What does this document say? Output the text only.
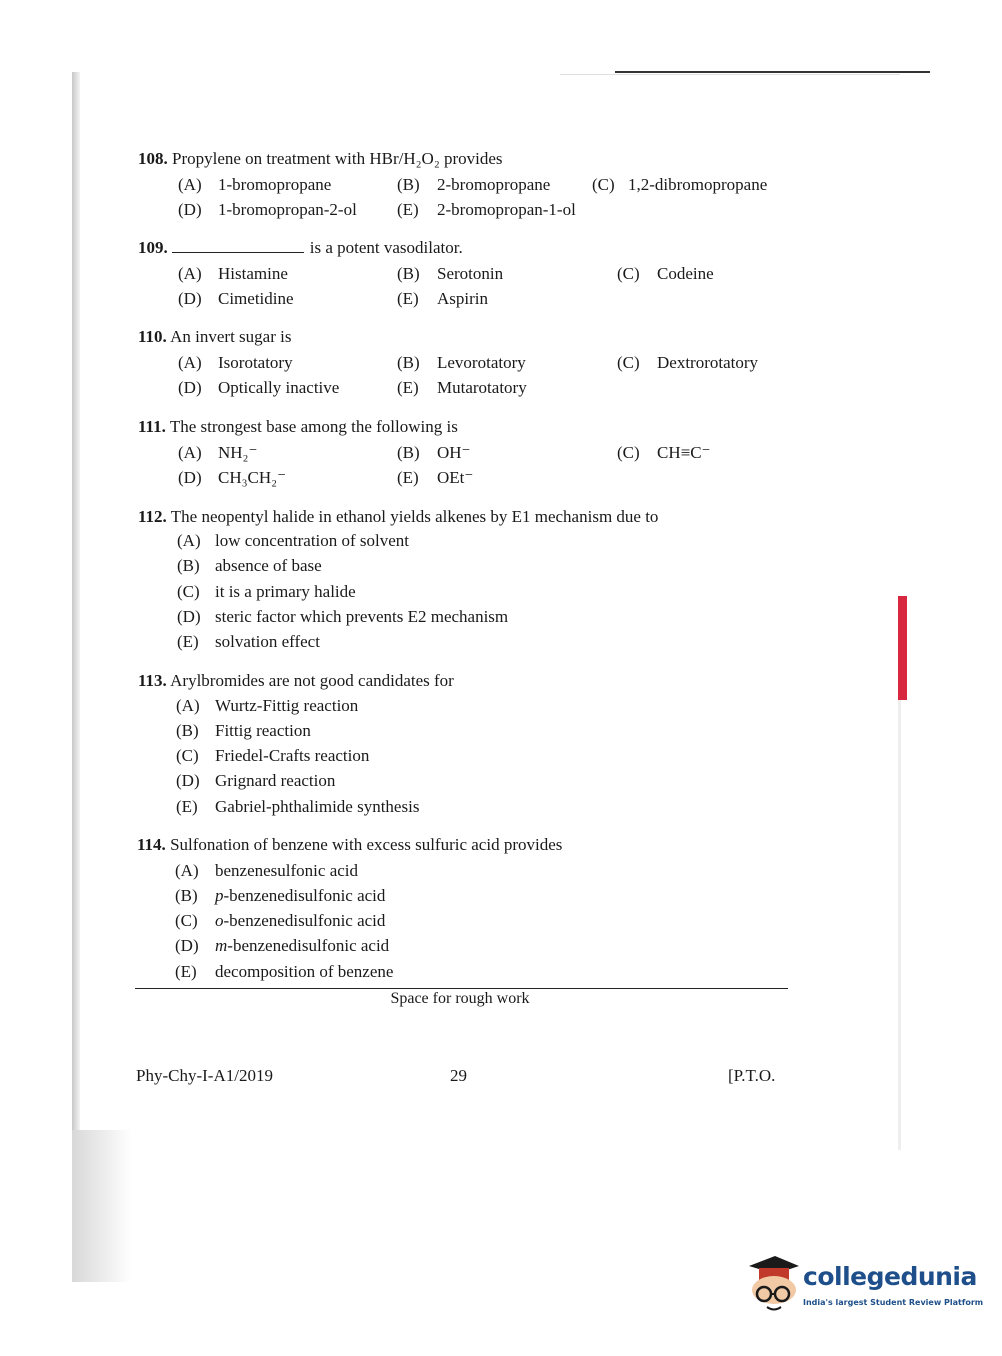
108. Propylene on treatment with HBr/H₂O₂ provides
(A) 1-bromopropane	(B) 2-bromopropane (C) 1,2-dibromopropane
(D) 1-bromopropan-2-ol (E) 2-bromopropan-1-ol
109.	is a potent vasodilator.
(A) Histamine	(B) Serotonin	(C) Codeine
(D) Cimetidine	(E) Aspirin
110. An invert sugar is
(A) Isorotatory	(B) Levorotatory	(C) Dextrorotatory
(D) Optically inactive	(E) Mutarotatory
111. The strongest base among the following is
(A) NH₂⁻	(B) OH⁻	(C) CH≡C⁻
(D) CH₃CH₂⁻	(E) OEt⁻
112. The neopentyl halide in ethanol yields alkenes by E1 mechanism due to
(A) low concentration of solvent
(B) absence of base
(C) it is a primary halide
(D) steric factor which prevents E2 mechanism
(E) solvation effect
113. Arylbromides are not good candidates for
(A) Wurtz-Fittig reaction
(B) Fittig reaction
(C) Friedel-Crafts reaction
(D) Grignard reaction
(E) Gabriel-phthalimide synthesis
114. Sulfonation of benzene with excess sulfuric acid provides
(A) benzenesulfonic acid
(B) p-benzenedisulfonic acid
(C) o-benzenedisulfonic acid
(D) m-benzenedisulfonic acid
(E) decomposition of benzene
Space for rough work
Phy-Chy-I-A1/2019	29	[P.T.O.
collegedunia
India's largest Student Review Platform
